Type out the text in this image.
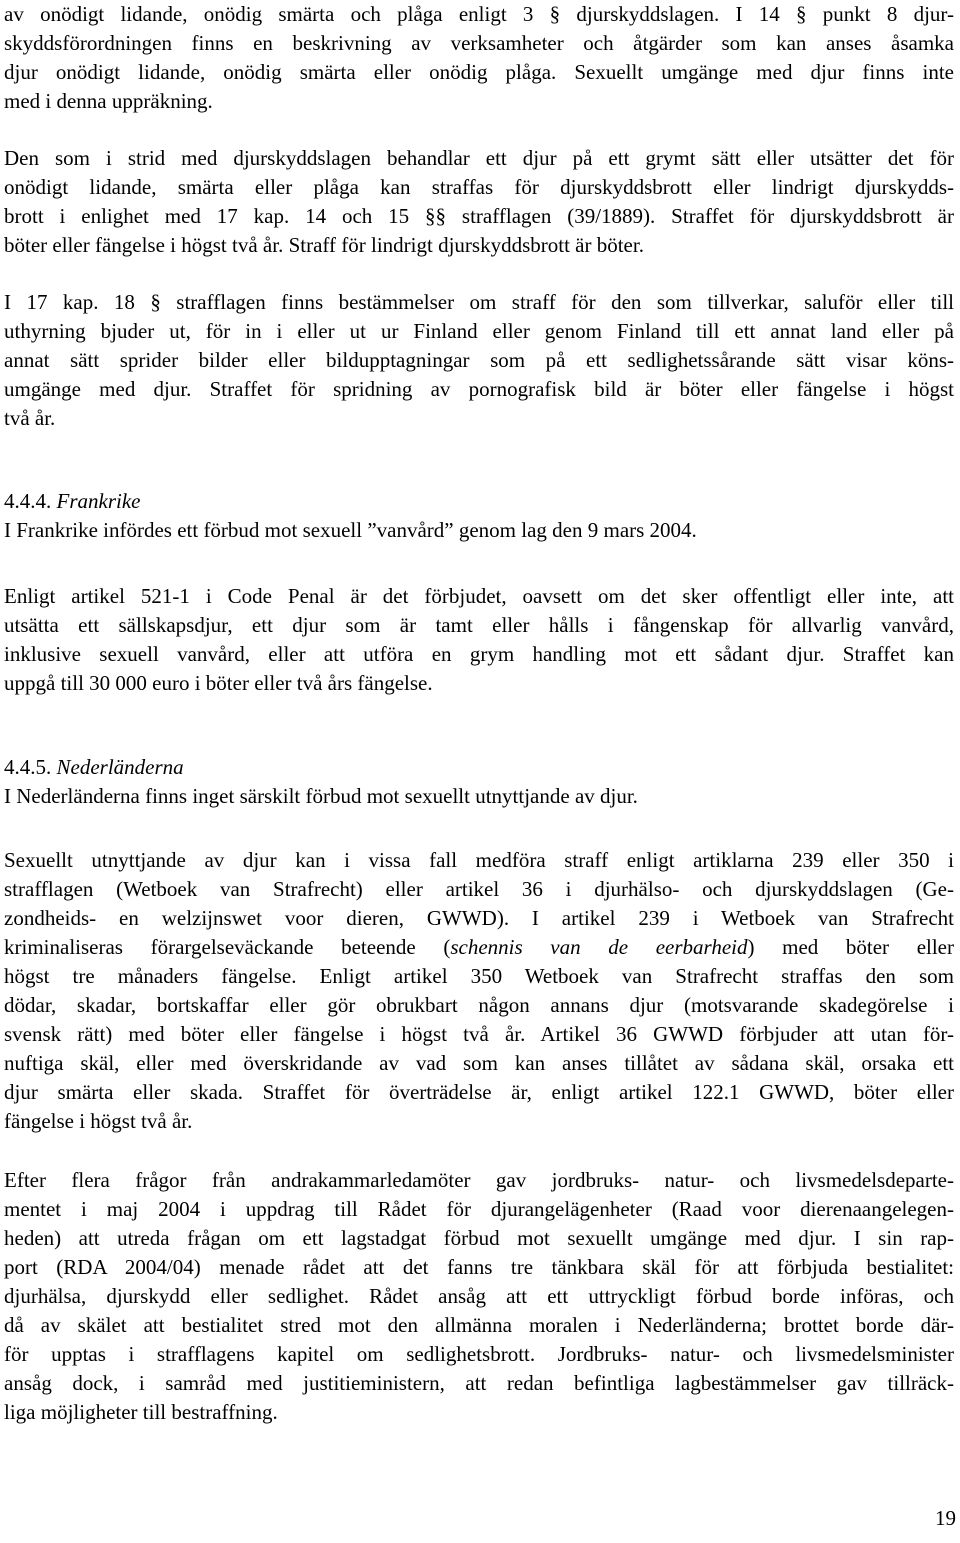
av onödigt lidande, onödig smärta och plåga enligt 3 § djurskyddslagen. I 14 § punkt 8 djur-
skyddsförordningen finns en beskrivning av verksamheter och åtgärder som kan anses åsamka
djur onödigt lidande, onödig smärta eller onödig plåga. Sexuellt umgänge med djur finns inte
med i denna uppräkning.
Den som i strid med djurskyddslagen behandlar ett djur på ett grymt sätt eller utsätter det för
onödigt lidande, smärta eller plåga kan straffas för djurskyddsbrott eller lindrigt djurskydds-
brott i enlighet med 17 kap. 14 och 15 §§ strafflagen (39/1889). Straffet för djurskyddsbrott är
böter eller fängelse i högst två år. Straff för lindrigt djurskyddsbrott är böter.
I 17 kap. 18 § strafflagen finns bestämmelser om straff för den som tillverkar, saluför eller till
uthyrning bjuder ut, för in i eller ut ur Finland eller genom Finland till ett annat land eller på
annat sätt sprider bilder eller bildupptagningar som på ett sedlighetssårande sätt visar köns-
umgänge med djur. Straffet för spridning av pornografisk bild är böter eller fängelse i högst
två år.
4.4.4. Frankrike
I Frankrike infördes ett förbud mot sexuell ”vanvård” genom lag den 9 mars 2004.
Enligt artikel 521-1 i Code Penal är det förbjudet, oavsett om det sker offentligt eller inte, att
utsätta ett sällskapsdjur, ett djur som är tamt eller hålls i fångenskap för allvarlig vanvård,
inklusive sexuell vanvård, eller att utföra en grym handling mot ett sådant djur. Straffet kan
uppgå till 30 000 euro i böter eller två års fängelse.
4.4.5. Nederländerna
I Nederländerna finns inget särskilt förbud mot sexuellt utnyttjande av djur.
Sexuellt utnyttjande av djur kan i vissa fall medföra straff enligt artiklarna 239 eller 350 i
strafflagen (Wetboek van Strafrecht) eller artikel 36 i djurhälso- och djurskyddslagen (Ge-
zondheids- en welzijnswet voor dieren, GWWD). I artikel 239 i Wetboek van Strafrecht
kriminaliseras förargelseväckande beteende (schennis van de eerbarheid) med böter eller
högst tre månaders fängelse. Enligt artikel 350 Wetboek van Strafrecht straffas den som
dödar, skadar, bortskaffar eller gör obrukbart någon annans djur (motsvarande skadegörelse i
svensk rätt) med böter eller fängelse i högst två år. Artikel 36 GWWD förbjuder att utan för-
nuftiga skäl, eller med överskridande av vad som kan anses tillåtet av sådana skäl, orsaka ett
djur smärta eller skada. Straffet för överträdelse är, enligt artikel 122.1 GWWD, böter eller
fängelse i högst två år.
Efter flera frågor från andrakammarledamöter gav jordbruks- natur- och livsmedelsdeparte-
mentet i maj 2004 i uppdrag till Rådet för djurangelägenheter (Raad voor dierenaangelegen-
heden) att utreda frågan om ett lagstadgat förbud mot sexuellt umgänge med djur. I sin rap-
port (RDA 2004/04) menade rådet att det fanns tre tänkbara skäl för att förbjuda bestialitet:
djurhälsa, djurskydd eller sedlighet. Rådet ansåg att ett uttryckligt förbud borde införas, och
då av skälet att bestialitet stred mot den allmänna moralen i Nederländerna; brottet borde där-
för upptas i strafflagens kapitel om sedlighetsbrott. Jordbruks- natur- och livsmedelsminister
ansåg dock, i samråd med justitieministern, att redan befintliga lagbestämmelser gav tillräck-
liga möjligheter till bestraffning.
19
